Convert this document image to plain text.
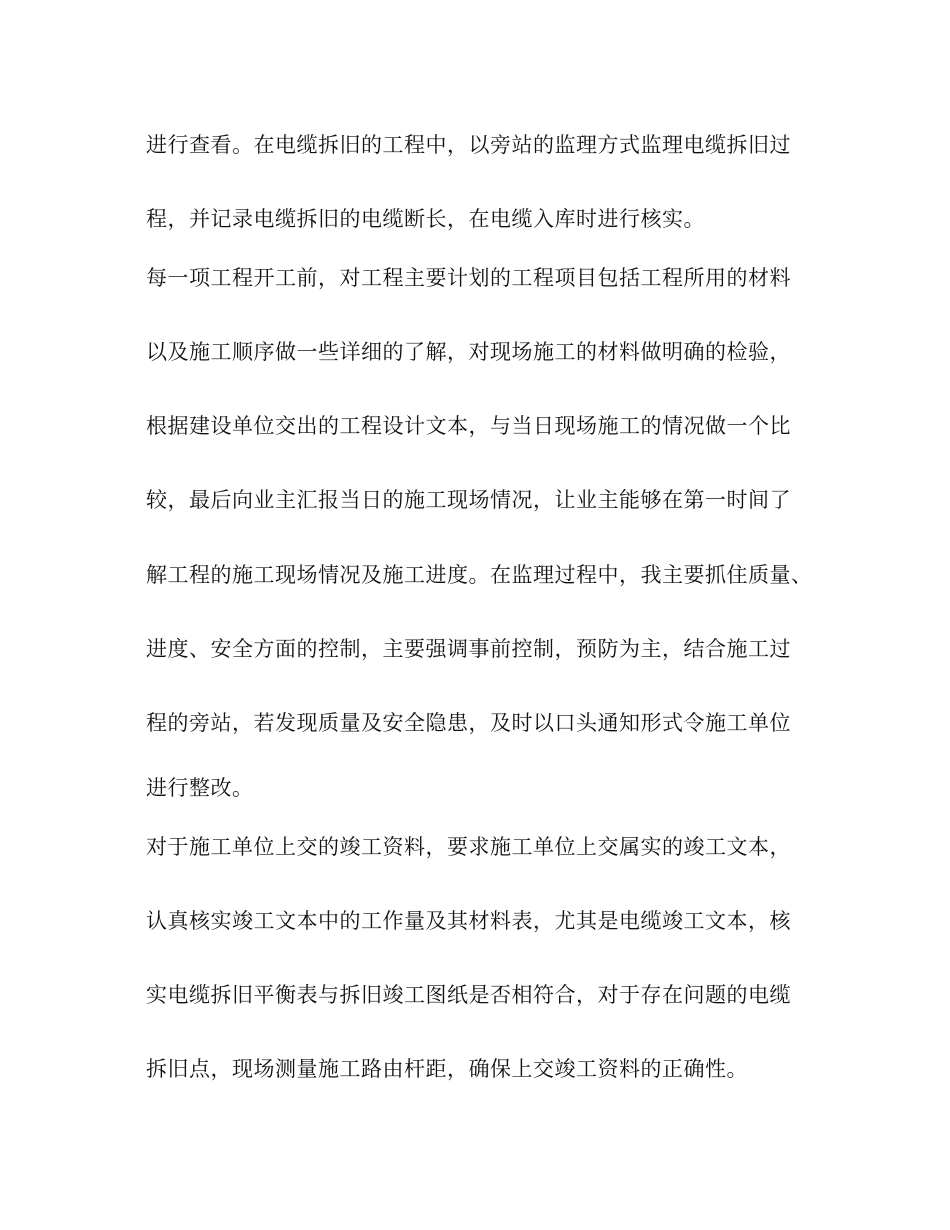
进行查看。在电缆拆旧的工程中，以旁站的监理方式监理电缆拆旧过
程，并记录电缆拆旧的电缆断长，在电缆入库时进行核实。
每一项工程开工前，对工程主要计划的工程项目包括工程所用的材料
以及施工顺序做一些详细的了解，对现场施工的材料做明确的检验，
根据建设单位交出的工程设计文本，与当日现场施工的情况做一个比
较，最后向业主汇报当日的施工现场情况，让业主能够在第一时间了
解工程的施工现场情况及施工进度。在监理过程中，我主要抓住质量、
进度、安全方面的控制，主要强调事前控制，预防为主，结合施工过
程的旁站，若发现质量及安全隐患，及时以口头通知形式令施工单位
进行整改。
对于施工单位上交的竣工资料，要求施工单位上交属实的竣工文本，
认真核实竣工文本中的工作量及其材料表，尤其是电缆竣工文本，核
实电缆拆旧平衡表与拆旧竣工图纸是否相符合，对于存在问题的电缆
拆旧点，现场测量施工路由杆距，确保上交竣工资料的正确性。
